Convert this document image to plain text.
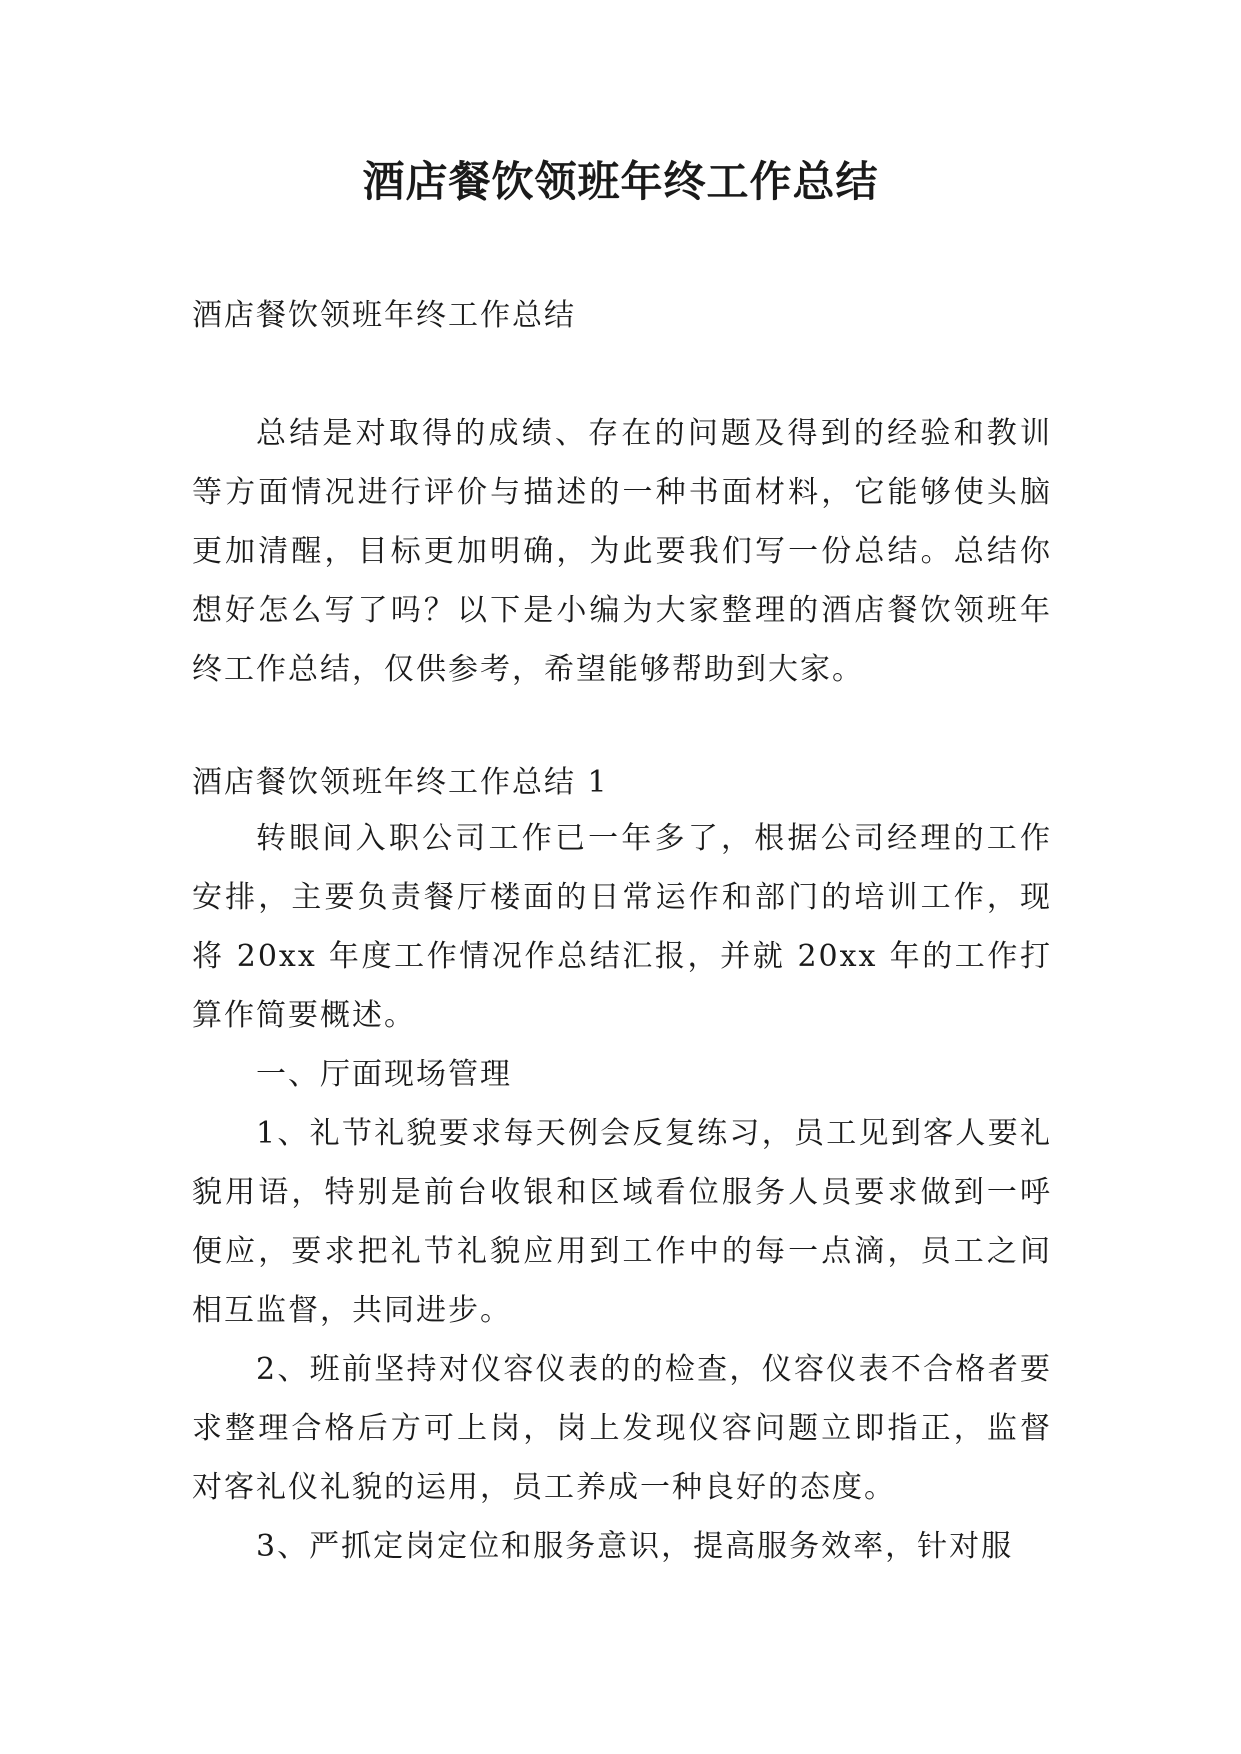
酒店餐饮领班年终工作总结

酒店餐饮领班年终工作总结

总结是对取得的成绩、存在的问题及得到的经验和教训等方面情况进行评价与描述的一种书面材料，它能够使头脑更加清醒，目标更加明确，为此要我们写一份总结。总结你想好怎么写了吗？以下是小编为大家整理的酒店餐饮领班年终工作总结，仅供参考，希望能够帮助到大家。

酒店餐饮领班年终工作总结 1

转眼间入职公司工作已一年多了，根据公司经理的工作安排，主要负责餐厅楼面的日常运作和部门的培训工作，现将 20xx 年度工作情况作总结汇报，并就 20xx 年的工作打算作简要概述。

一、厅面现场管理

1、礼节礼貌要求每天例会反复练习，员工见到客人要礼貌用语，特别是前台收银和区域看位服务人员要求做到一呼便应，要求把礼节礼貌应用到工作中的每一点滴，员工之间相互监督，共同进步。

2、班前坚持对仪容仪表的的检查，仪容仪表不合格者要求整理合格后方可上岗，岗上发现仪容问题立即指正，监督对客礼仪礼貌的运用，员工养成一种良好的态度。

3、严抓定岗定位和服务意识，提高服务效率，针对服
